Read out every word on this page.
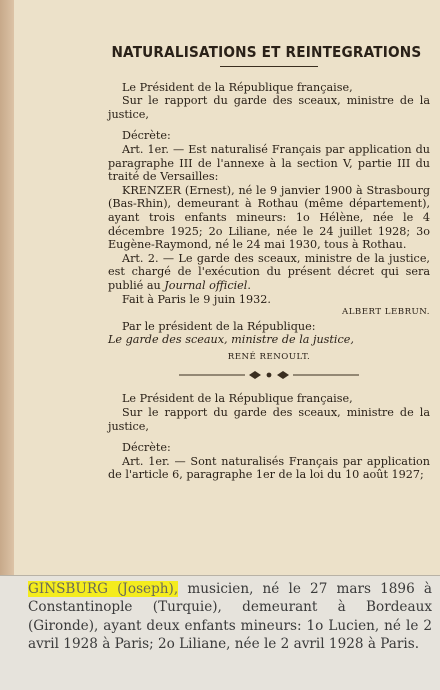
NATURALISATIONS ET REINTEGRATIONS

Le Président de la République française,

Sur le rapport du garde des sceaux, ministre de la justice,

Décrète:

Art. 1er. — Est naturalisé Français par application du paragraphe III de l'annexe à la section V, partie III du traité de Versailles:

KRENZER (Ernest), né le 9 janvier 1900 à Strasbourg (Bas-Rhin), demeurant à Rothau (même département), ayant trois enfants mineurs: 1o Hélène, née le 4 décembre 1925; 2o Liliane, née le 24 juillet 1928; 3o Eugène-Raymond, né le 24 mai 1930, tous à Rothau.

Art. 2. — Le garde des sceaux, ministre de la justice, est chargé de l'exécution du présent décret qui sera publié au Journal officiel.

Fait à Paris le 9 juin 1932.

ALBERT LEBRUN.

Par le président de la République:

Le garde des sceaux, ministre de la justice,

RENÉ RENOULT.

Le Président de la République française,

Sur le rapport du garde des sceaux, ministre de la justice,

Décrète:

Art. 1er. — Sont naturalisés Français par application de l'article 6, paragraphe 1er de la loi du 10 août 1927;

GINSBURG (Joseph), musicien, né le 27 mars 1896 à Constantinople (Turquie), demeurant à Bordeaux (Gironde), ayant deux enfants mineurs: 1o Lucien, né le 2 avril 1928 à Paris; 2o Liliane, née le 2 avril 1928 à Paris.
